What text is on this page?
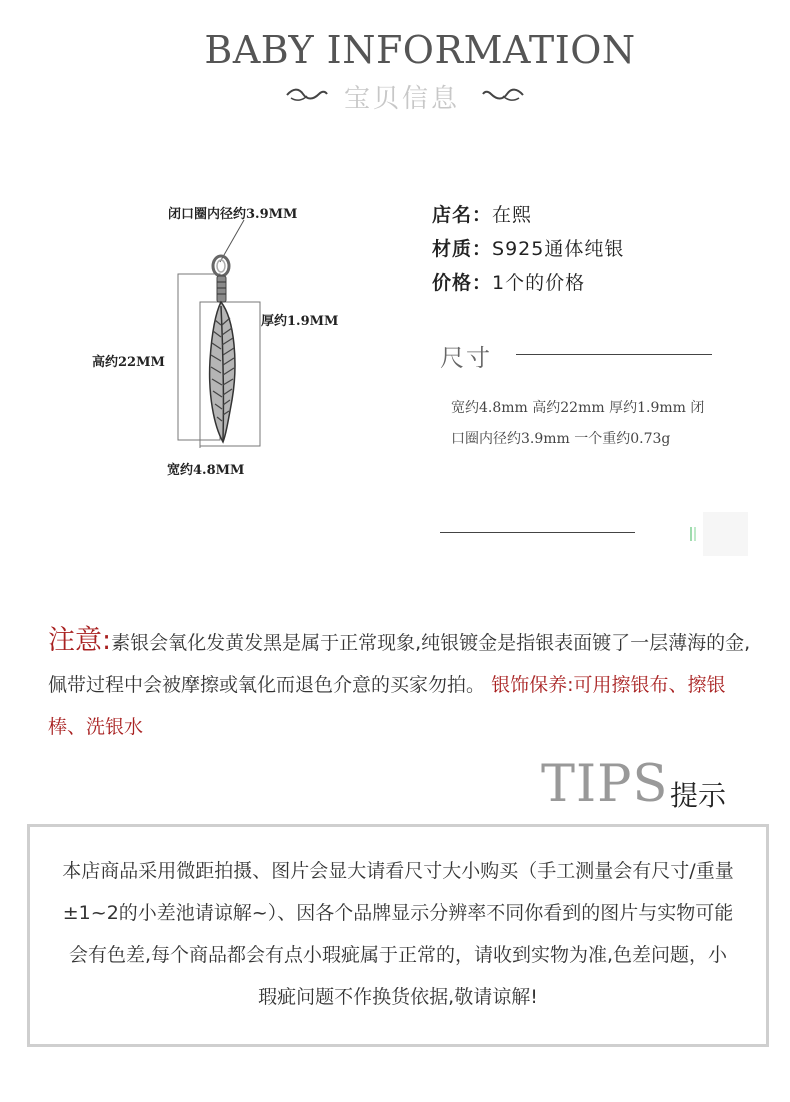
BABY INFORMATION
宝贝信息
闭口圈内径约3.9MM
厚约1.9MM
高约22MM
宽约4.8MM
店名：在熙
材质：S925通体纯银
价格：1个的价格
尺寸
宽约4.8mm 高约22mm 厚约1.9mm 闭口圈内径约3.9mm 一个重约0.73g
注意:素银会氧化发黄发黑是属于正常现象,纯银镀金是指银表面镀了一层薄海的金,佩带过程中会被摩擦或氧化而退色介意的买家勿拍。 银饰保养:可用擦银布、擦银棒、洗银水
TIPS 提示
本店商品采用微距拍摄、图片会显大请看尺寸大小购买（手工测量会有尺寸/重量±1~2的小差池请谅解~）、因各个品牌显示分辨率不同你看到的图片与实物可能会有色差,每个商品都会有点小瑕疵属于正常的，请收到实物为准,色差问题，小瑕疵问题不作换货依据,敬请谅解!
